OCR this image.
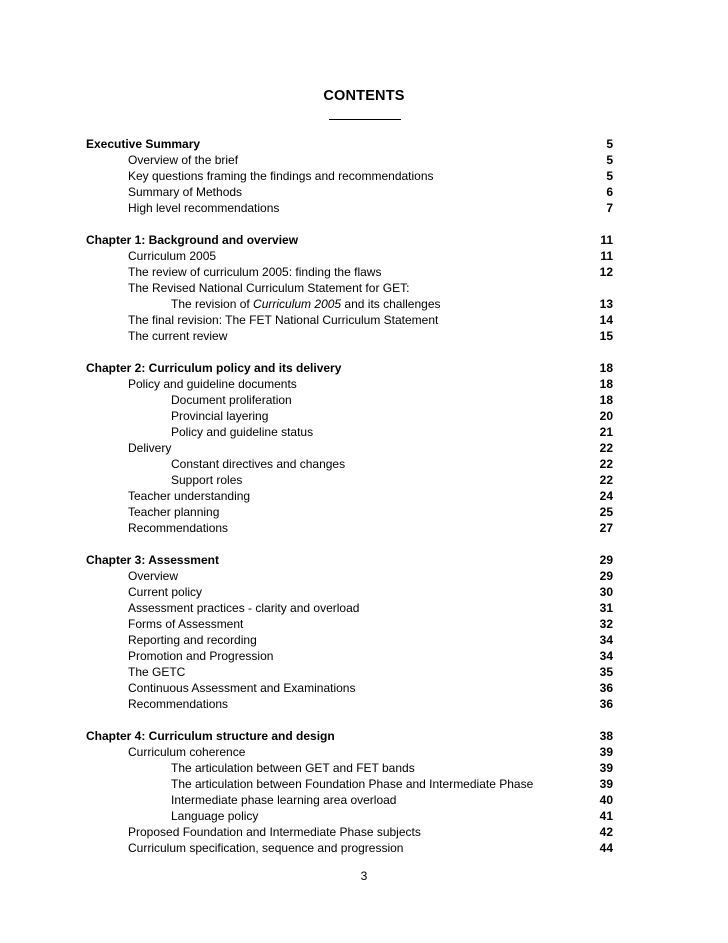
CONTENTS
Executive Summary	5
Overview of the brief	5
Key questions framing the findings and recommendations	5
Summary of Methods	6
High level recommendations	7
Chapter 1: Background and overview	11
Curriculum 2005	11
The review of curriculum 2005: finding the flaws	12
The Revised National Curriculum Statement for GET:
The revision of Curriculum 2005 and its challenges	13
The final revision: The FET National Curriculum Statement	14
The current review	15
Chapter 2: Curriculum policy and its delivery	18
Policy and guideline documents	18
Document proliferation	18
Provincial layering	20
Policy and guideline status	21
Delivery	22
Constant directives and changes	22
Support roles	22
Teacher understanding	24
Teacher planning	25
Recommendations	27
Chapter 3: Assessment	29
Overview	29
Current policy	30
Assessment practices - clarity and overload	31
Forms of Assessment	32
Reporting and recording	34
Promotion and Progression	34
The GETC	35
Continuous Assessment and Examinations	36
Recommendations	36
Chapter 4: Curriculum structure and design	38
Curriculum coherence	39
The articulation between GET and FET bands	39
The articulation between Foundation Phase and Intermediate Phase	39
Intermediate phase learning area overload	40
Language policy	41
Proposed Foundation and Intermediate Phase subjects	42
Curriculum specification, sequence and progression	44
3
